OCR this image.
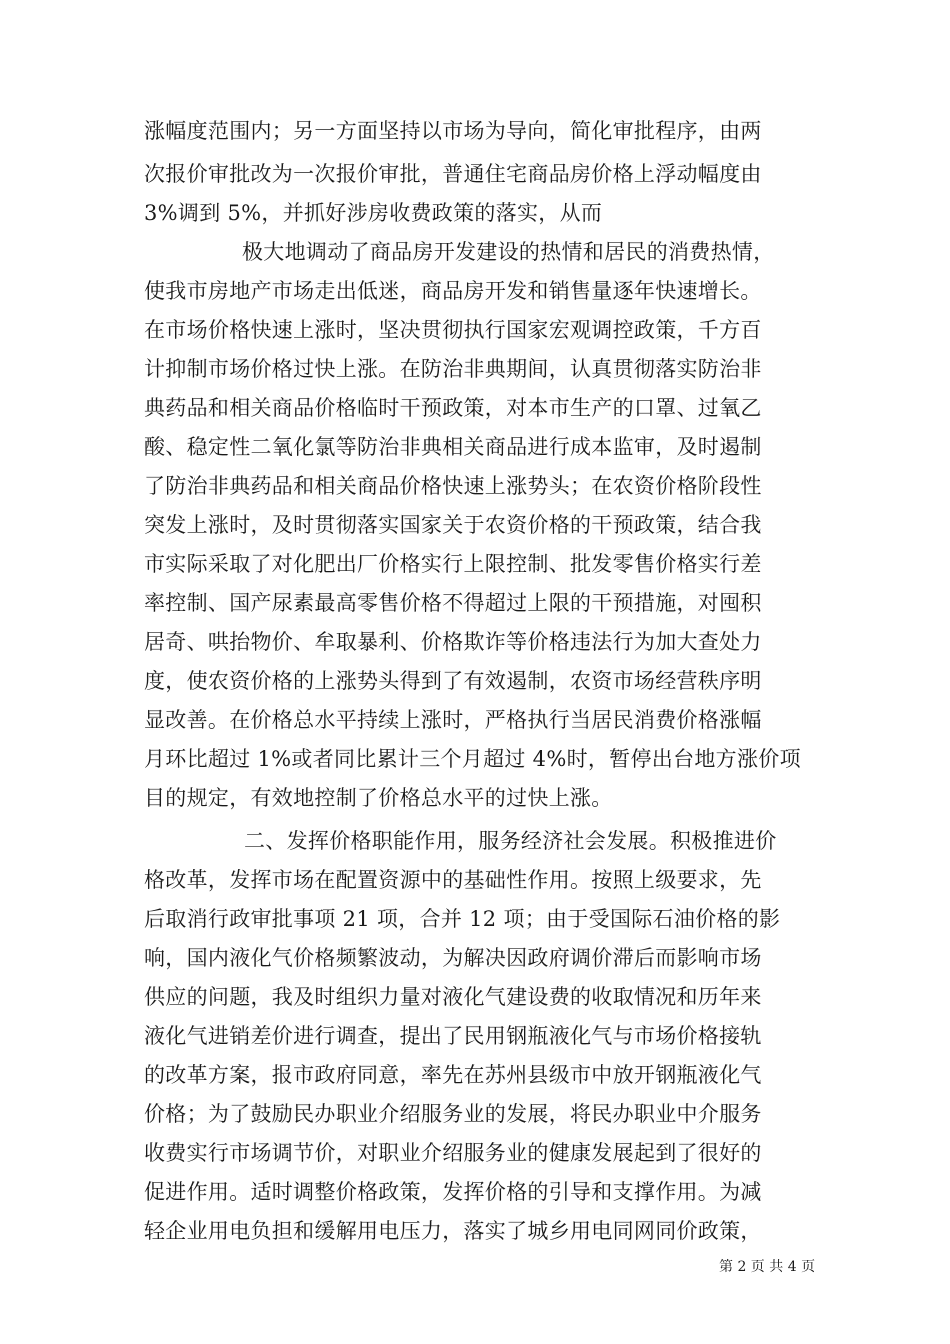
涨幅度范围内；另一方面坚持以市场为导向，简化审批程序，由两
次报价审批改为一次报价审批，普通住宅商品房价格上浮动幅度由
3%调到 5%，并抓好涉房收费政策的落实，从而
极大地调动了商品房开发建设的热情和居民的消费热情，
使我市房地产市场走出低迷，商品房开发和销售量逐年快速增长。
在市场价格快速上涨时，坚决贯彻执行国家宏观调控政策，千方百
计抑制市场价格过快上涨。在防治非典期间，认真贯彻落实防治非
典药品和相关商品价格临时干预政策，对本市生产的口罩、过氧乙
酸、稳定性二氧化氯等防治非典相关商品进行成本监审，及时遏制
了防治非典药品和相关商品价格快速上涨势头；在农资价格阶段性
突发上涨时，及时贯彻落实国家关于农资价格的干预政策，结合我
市实际采取了对化肥出厂价格实行上限控制、批发零售价格实行差
率控制、国产尿素最高零售价格不得超过上限的干预措施，对囤积
居奇、哄抬物价、牟取暴利、价格欺诈等价格违法行为加大查处力
度，使农资价格的上涨势头得到了有效遏制，农资市场经营秩序明
显改善。在价格总水平持续上涨时，严格执行当居民消费价格涨幅
月环比超过 1%或者同比累计三个月超过 4%时，暂停出台地方涨价项
目的规定，有效地控制了价格总水平的过快上涨。
二、发挥价格职能作用，服务经济社会发展。积极推进价
格改革，发挥市场在配置资源中的基础性作用。按照上级要求，先
后取消行政审批事项 21 项，合并 12 项；由于受国际石油价格的影
响，国内液化气价格频繁波动，为解决因政府调价滞后而影响市场
供应的问题，我及时组织力量对液化气建设费的收取情况和历年来
液化气进销差价进行调查，提出了民用钢瓶液化气与市场价格接轨
的改革方案，报市政府同意，率先在苏州县级市中放开钢瓶液化气
价格；为了鼓励民办职业介绍服务业的发展，将民办职业中介服务
收费实行市场调节价，对职业介绍服务业的健康发展起到了很好的
促进作用。适时调整价格政策，发挥价格的引导和支撑作用。为减
轻企业用电负担和缓解用电压力，落实了城乡用电同网同价政策，
第 2 页 共 4 页
